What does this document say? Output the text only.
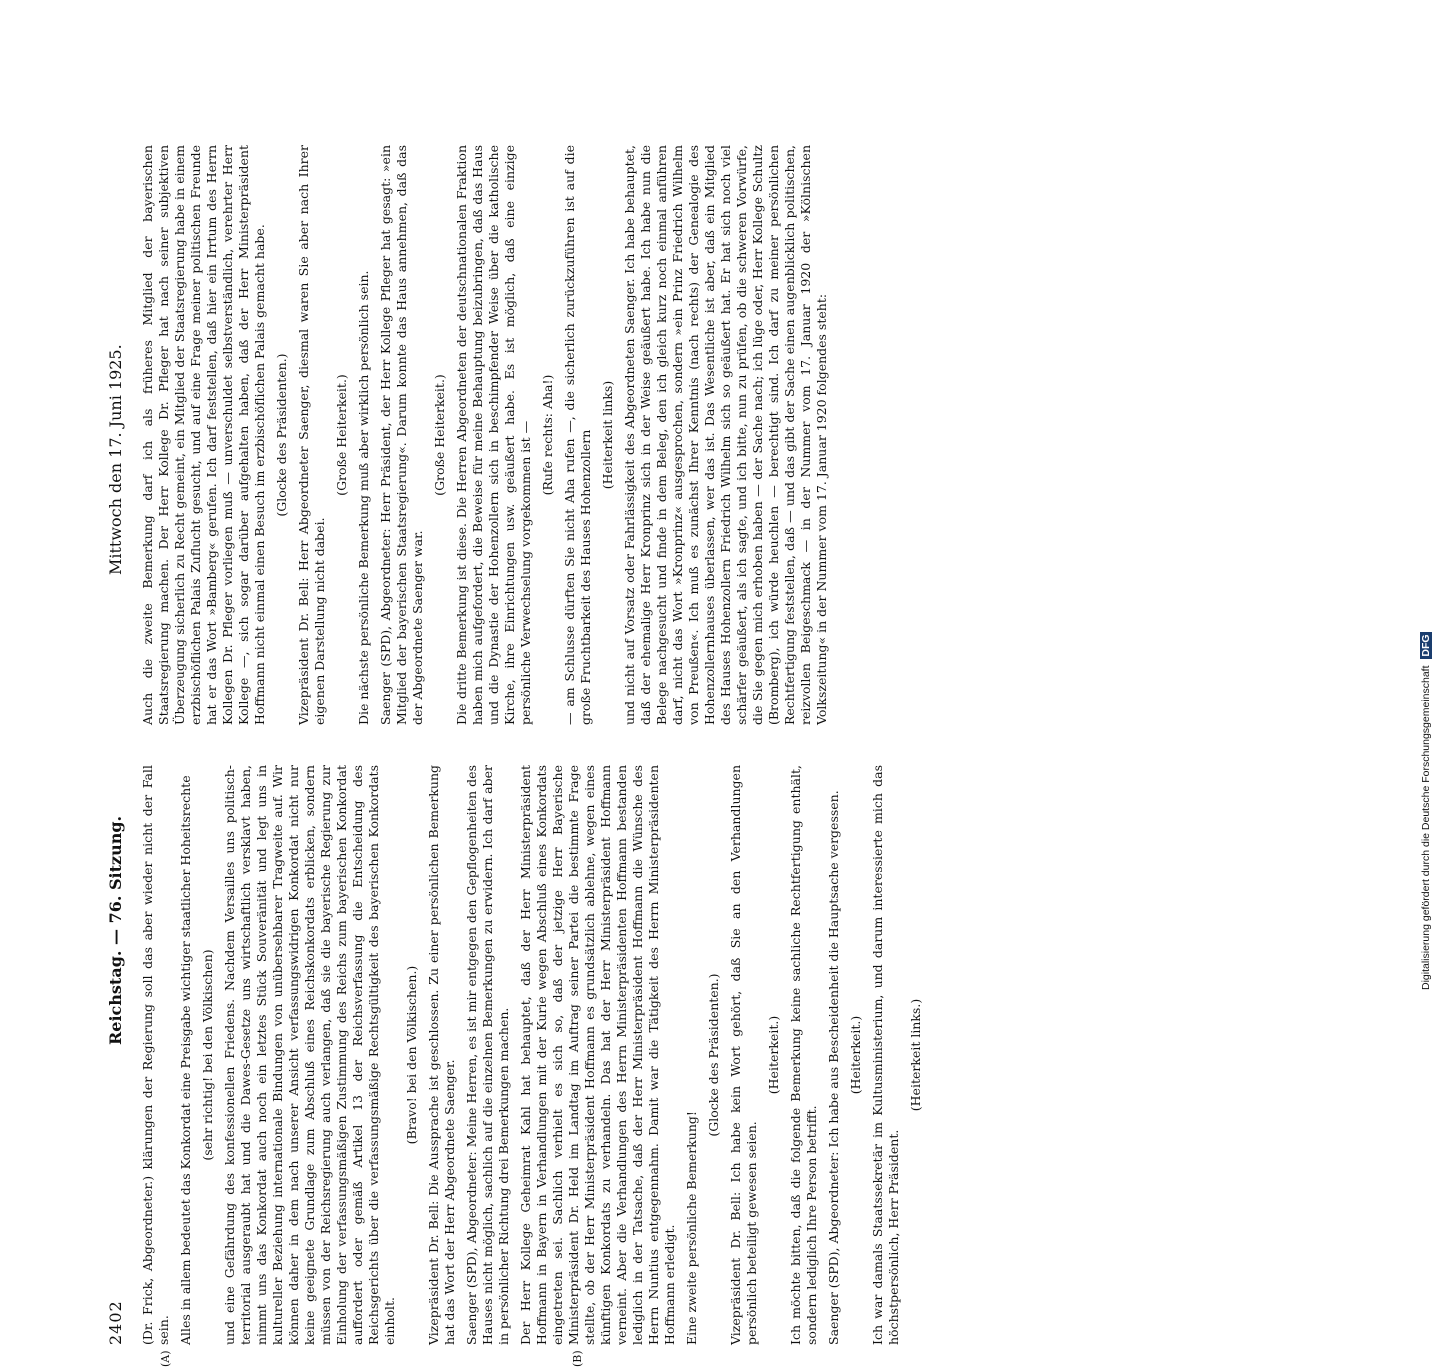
2402
Reichstag. — 76. Sitzung.
Mittwoch den 17. Juni 1925.
(A)	(B)

(Dr. Frick, Abgeordneter.) klärungen der Regierung soll das aber wieder nicht der Fall sein. Alles in allem bedeutet das Konkordat eine Preisgabe wichtiger staatlicher Hoheitsrechte (sehr richtig! bei den Völkischen) und eine Gefährdung des konfessionellen Friedens. Nachdem Versailles uns politisch-territorial ausgeraubt hat und die Dawes-Gesetze uns wirtschaftlich versklavt haben, nimmt uns das Konkordat auch noch ein letztes Stück Souveränität und legt uns in kultureller Beziehung internationale Bindungen von unübersehbarer Tragweite auf. Wir können daher in dem nach unserer Ansicht verfassungswidrigen Konkordat nicht nur keine geeignete Grundlage zum Abschluß eines Reichskonkordats erblicken, sondern müssen von der Reichsregierung auch verlangen, daß sie die bayerische Regierung zur Einholung der verfassungsmäßigen Zustimmung des Reichs zum bayerischen Konkordat auffordert oder gemäß Artikel 13 der Reichsverfassung die Entscheidung des Reichsgerichts über die verfassungsmäßige Rechtsgültigkeit des bayerischen Konkordats einholt.

(Bravo! bei den Völkischen.) Vizepräsident Dr. Bell: Die Aussprache ist geschlossen. Zu einer persönlichen Bemerkung hat das Wort der Herr Abgeordnete Saenger. Saenger (SPD), Abgeordneter: Meine Herren, es ist mir entgegen den Gepflogenheiten des Hauses nicht möglich, sachlich auf die einzelnen Bemerkungen zu erwidern. Ich darf aber in persönlicher Richtung drei Bemerkungen machen. Der Herr Kollege Geheimrat Kahl hat behauptet, daß der Herr Ministerpräsident Hoffmann in Bayern in Verhandlungen mit der Kurie wegen Abschluß eines Konkordats eingetreten sei. Sachlich verhielt es sich so, daß der jetzige Herr Bayerische Ministerpräsident Dr. Held im Landtag im Auftrag seiner Partei die bestimmte Frage stellte, ob der Herr Ministerpräsident Hoffmann es grundsätzlich ablehne, wegen eines künftigen Konkordats zu verhandeln. Das hat der Herr Ministerpräsident Hoffmann verneint. Aber die Verhandlungen des Herrn Ministerpräsidenten Hoffmann bestanden lediglich in der Tatsache, daß der Herr Ministerpräsident Hoffmann die Wünsche des Herrn Nuntius entgegennahm. Damit war die Tätigkeit des Herrn Ministerpräsidenten Hoffmann erledigt. Eine zweite persönliche Bemerkung!

(Glocke des Präsidenten.) Vizepräsident Dr. Bell: Ich habe kein Wort gehört, daß Sie an den Verhandlungen persönlich beteiligt gewesen seien.

(Heiterkeit.) Ich möchte bitten, daß die folgende Bemerkung keine sachliche Rechtfertigung enthält, sondern lediglich Ihre Person betrifft. Saenger (SPD), Abgeordneter: Ich habe aus Bescheidenheit die Hauptsache vergessen. (Heiterkeit.) Ich war damals Staatssekretär im Kultusministerium, und darum interessierte mich das höchstpersönlich, Herr Präsident.

(Heiterkeit links.)

Auch die zweite Bemerkung darf ich als früheres Mitglied der bayerischen Staatsregierung machen. Der Herr Kollege Dr. Pfleger hat nach seiner subjektiven Überzeugung sicherlich zu Recht gemeint, ein Mitglied der Staatsregierung habe in einem erzbischöflichen Palais Zuflucht gesucht, und auf eine Frage meiner politischen Freunde hat er das Wort »Bamberg« gerufen. Ich darf feststellen, daß hier ein Irrtum des Herrn Kollegen Dr. Pfleger vorliegen muß — unverschuldet selbstverständlich, verehrter Herr Kollege —, sich sogar darüber aufgehalten haben, daß der Herr Ministerpräsident Hoffmann nicht einmal einen Besuch im erzbischöflichen Palais gemacht habe. (Glocke des Präsidenten.) Vizepräsident Dr. Bell: Herr Abgeordneter Saenger, diesmal waren Sie aber nach Ihrer eigenen Darstellung nicht dabei.

(Große Heiterkeit.) Die nächste persönliche Bemerkung muß aber wirklich persönlich sein. Saenger (SPD), Abgeordneter: Herr Präsident, der Herr Kollege Pfleger hat gesagt: »ein Mitglied der bayerischen Staatsregierung«. Darum konnte das Haus annehmen, daß das der Abgeordnete Saenger war.

(Große Heiterkeit.) Die dritte Bemerkung ist diese. Die Herren Abgeordneten der deutschnationalen Fraktion haben mich aufgefordert, die Beweise für meine Behauptung beizubringen, daß das Haus und die Dynastie der Hohenzollern sich in beschimpfender Weise über die katholische Kirche, ihre Einrichtungen usw. geäußert habe. Es ist möglich, daß eine einzige persönliche Verwechselung vorgekommen ist — (Rufe rechts: Aha!) — am Schlusse dürften Sie nicht Aha rufen —, die sicherlich zurückzuführen ist auf die große Fruchtbarkeit des Hauses Hohenzollern (Heiterkeit links) und nicht auf Vorsatz oder Fahrlässigkeit des Abgeordneten Saenger. Ich habe behauptet, daß der ehemalige Herr Kronprinz sich in der Weise geäußert habe. Ich habe nun die Belege nachgesucht und finde in dem Beleg, den ich gleich kurz noch einmal anführen darf, nicht das Wort »Kronprinz« ausgesprochen, sondern »ein Prinz Friedrich Wilhelm von Preußen«. Ich muß es zunächst Ihrer Kenntnis (nach rechts) der Genealogie des Hohenzollernhauses überlassen, wer das ist. Das Wesentliche ist aber, daß ein Mitglied des Hauses Hohenzollern Friedrich Wilhelm sich so geäußert hat. Er hat sich noch viel schärfer geäußert, als ich sagte, und ich bitte, nun zu prüfen, ob die schweren Vorwürfe, die Sie gegen mich erhoben haben — der Sache nach; ich lüge oder, Herr Kollege Schultz (Bromberg), ich würde heuchlen — berechtigt sind. Ich darf zu meiner persönlichen Rechtfertigung feststellen, daß — und das gibt der Sache einen augenblicklich politischen, reizvollen Beigeschmack — in der Nummer vom 17. Januar 1920 der »Kölnischen Volkszeitung« in der Nummer vom 17. Januar 1920 folgendes steht:

Digitalisierung gefördert durch die Deutsche Forschungsgemeinschaft DFG
